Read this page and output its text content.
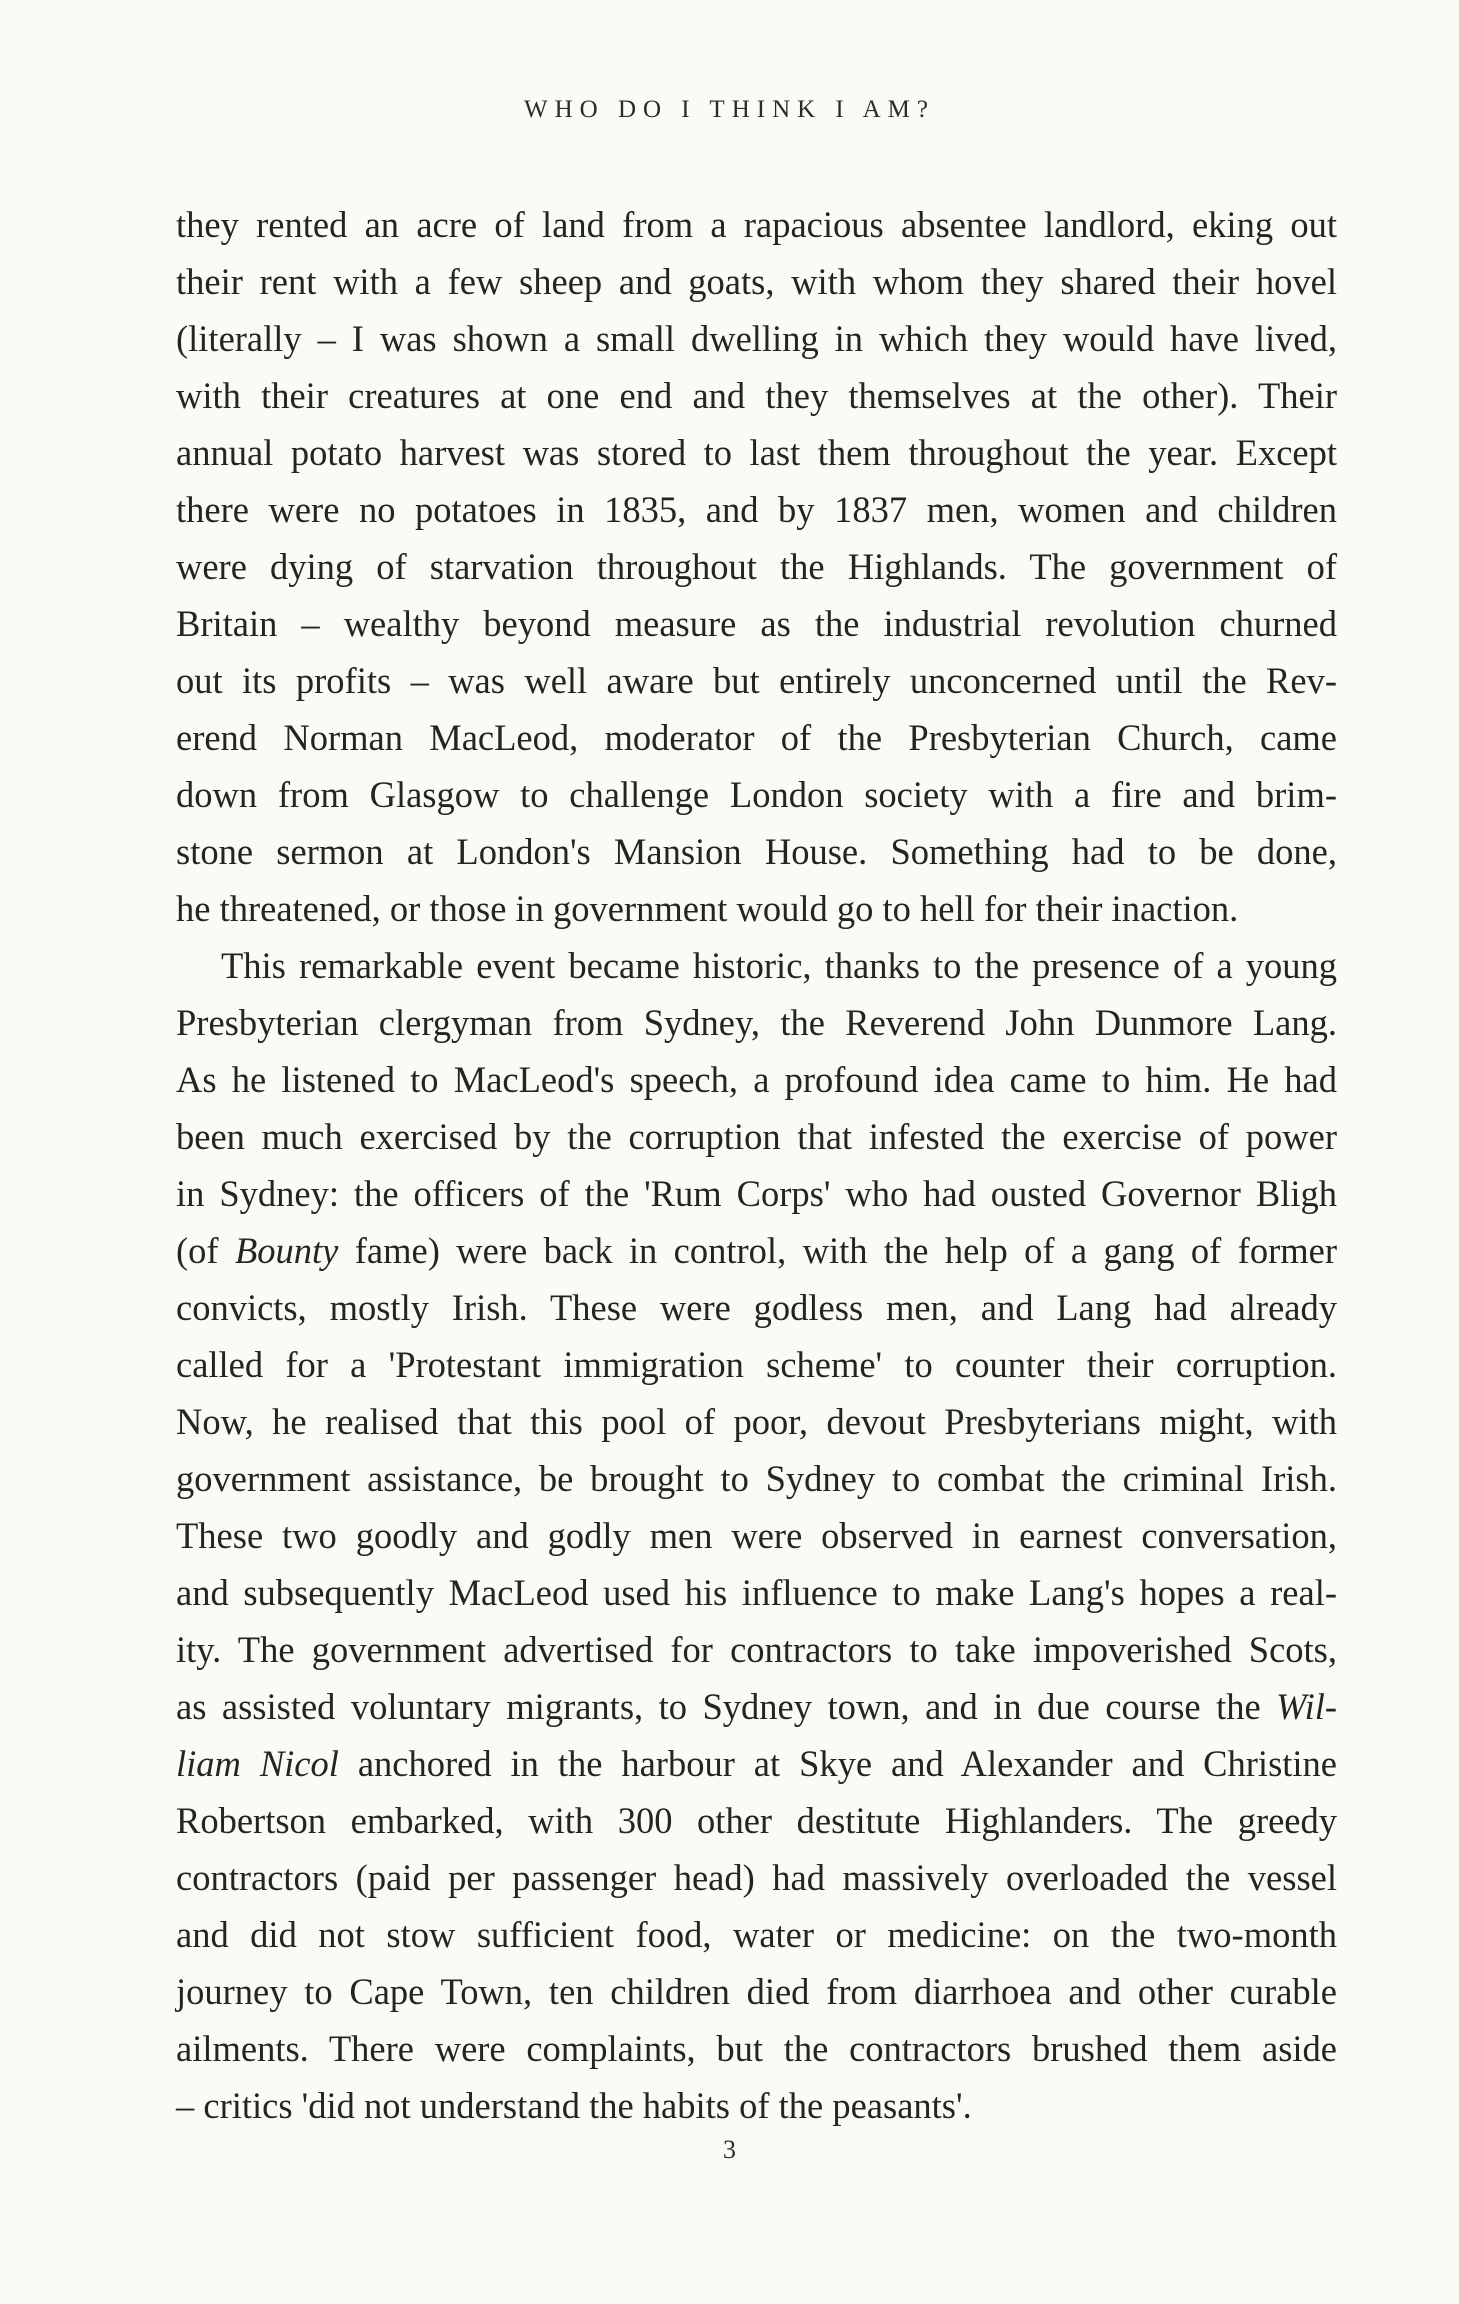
WHO DO I THINK I AM?
they rented an acre of land from a rapacious absentee landlord, eking out
their rent with a few sheep and goats, with whom they shared their hovel
(literally – I was shown a small dwelling in which they would have lived,
with their creatures at one end and they themselves at the other). Their
annual potato harvest was stored to last them throughout the year. Except
there were no potatoes in 1835, and by 1837 men, women and children
were dying of starvation throughout the Highlands. The government of
Britain – wealthy beyond measure as the industrial revolution churned
out its profits – was well aware but entirely unconcerned until the Rev-
erend Norman MacLeod, moderator of the Presbyterian Church, came
down from Glasgow to challenge London society with a fire and brim-
stone sermon at London's Mansion House. Something had to be done,
he threatened, or those in government would go to hell for their inaction.
This remarkable event became historic, thanks to the presence of a young
Presbyterian clergyman from Sydney, the Reverend John Dunmore Lang.
As he listened to MacLeod's speech, a profound idea came to him. He had
been much exercised by the corruption that infested the exercise of power
in Sydney: the officers of the 'Rum Corps' who had ousted Governor Bligh
(of Bounty fame) were back in control, with the help of a gang of former
convicts, mostly Irish. These were godless men, and Lang had already
called for a 'Protestant immigration scheme' to counter their corruption.
Now, he realised that this pool of poor, devout Presbyterians might, with
government assistance, be brought to Sydney to combat the criminal Irish.
These two goodly and godly men were observed in earnest conversation,
and subsequently MacLeod used his influence to make Lang's hopes a real-
ity. The government advertised for contractors to take impoverished Scots,
as assisted voluntary migrants, to Sydney town, and in due course the Wil-
liam Nicol anchored in the harbour at Skye and Alexander and Christine
Robertson embarked, with 300 other destitute Highlanders. The greedy
contractors (paid per passenger head) had massively overloaded the vessel
and did not stow sufficient food, water or medicine: on the two-month
journey to Cape Town, ten children died from diarrhoea and other curable
ailments. There were complaints, but the contractors brushed them aside
– critics 'did not understand the habits of the peasants'.
3
